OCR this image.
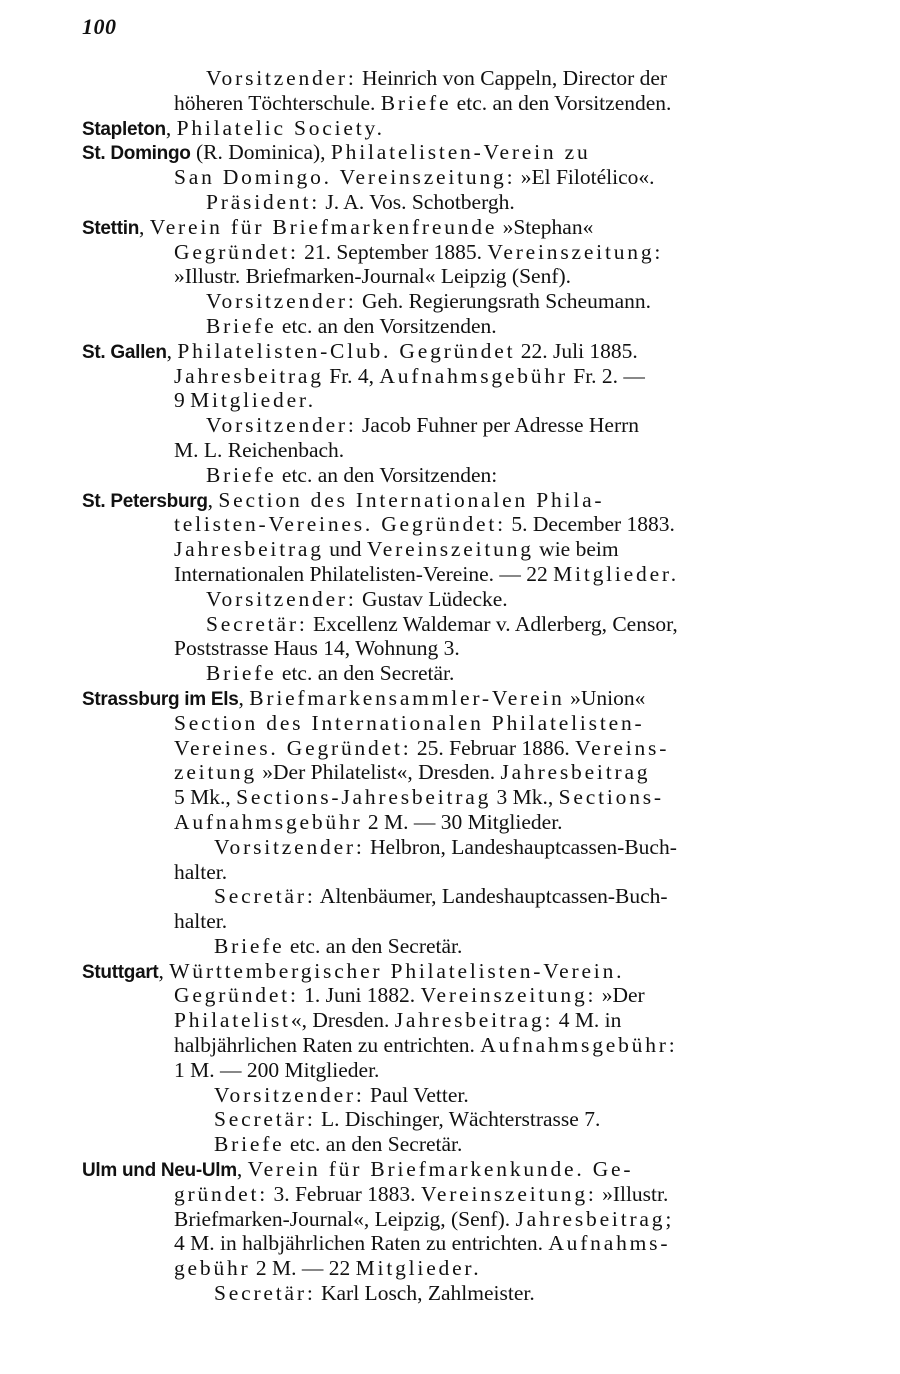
100
Vorsitzender: Heinrich von Cappeln, Director der
höheren Töchterschule. Briefe etc. an den Vorsitzenden.
Stapleton, Philatelic Society.
St. Domingo (R. Dominica), Philatelisten-Verein zu
San Domingo. Vereinszeitung: »El Filotélico«.
Präsident: J. A. Vos. Schotbergh.
Stettin, Verein für Briefmarkenfreunde »Stephan«
Gegründet: 21. September 1885. Vereinszeitung:
»Illustr. Briefmarken-Journal« Leipzig (Senf).
Vorsitzender: Geh. Regierungsrath Scheumann.
Briefe etc. an den Vorsitzenden.
St. Gallen, Philatelisten-Club. Gegründet 22. Juli 1885.
Jahresbeitrag Fr. 4, Aufnahmsgebühr Fr. 2. —
9 Mitglieder.
Vorsitzender: Jacob Fuhner per Adresse Herrn
M. L. Reichenbach.
Briefe etc. an den Vorsitzenden:
St. Petersburg, Section des Internationalen Phila-
telisten-Vereines. Gegründet: 5. December 1883.
Jahresbeitrag und Vereinszeitung wie beim
Internationalen Philatelisten-Vereine. — 22 Mitglieder.
Vorsitzender: Gustav Lüdecke.
Secretär: Excellenz Waldemar v. Adlerberg, Censor,
Poststrasse Haus 14, Wohnung 3.
Briefe etc. an den Secretär.
Strassburg im Els, Briefmarkensammler-Verein »Union«
Section des Internationalen Philatelisten-
Vereines. Gegründet: 25. Februar 1886. Vereins-
zeitung »Der Philatelist«, Dresden. Jahresbeitrag
5 Mk., Sections-Jahresbeitrag 3 Mk., Sections-
Aufnahmsgebühr 2 M. — 30 Mitglieder.
Vorsitzender: Helbron, Landeshauptcassen-Buch-
halter.
Secretär: Altenbäumer, Landeshauptcassen-Buch-
halter.
Briefe etc. an den Secretär.
Stuttgart, Württembergischer Philatelisten-Verein.
Gegründet: 1. Juni 1882. Vereinszeitung: »Der
Philatelist«, Dresden. Jahresbeitrag: 4 M. in
halbjährlichen Raten zu entrichten. Aufnahmsgebühr:
1 M. — 200 Mitglieder.
Vorsitzender: Paul Vetter.
Secretär: L. Dischinger, Wächterstrasse 7.
Briefe etc. an den Secretär.
Ulm und Neu-Ulm, Verein für Briefmarkenkunde. Ge-
gründet: 3. Februar 1883. Vereinszeitung: »Illustr.
Briefmarken-Journal«, Leipzig, (Senf). Jahresbeitrag;
4 M. in halbjährlichen Raten zu entrichten. Aufnahms-
gebühr 2 M. — 22 Mitglieder.
Secretär: Karl Losch, Zahlmeister.
